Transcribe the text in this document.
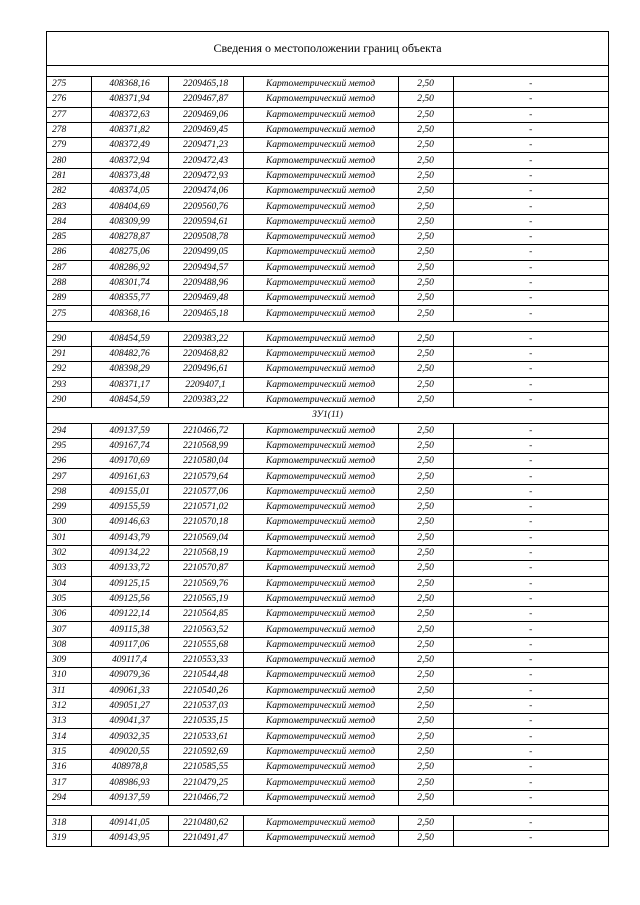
Сведения о местоположении границ объекта
275	408368,16	2209465,18	Картометрический метод	2,50	-
276	408371,94	2209467,87	Картометрический метод	2,50	-
277	408372,63	2209469,06	Картометрический метод	2,50	-
278	408371,82	2209469,45	Картометрический метод	2,50	-
279	408372,49	2209471,23	Картометрический метод	2,50	-
280	408372,94	2209472,43	Картометрический метод	2,50	-
281	408373,48	2209472,93	Картометрический метод	2,50	-
282	408374,05	2209474,06	Картометрический метод	2,50	-
283	408404,69	2209560,76	Картометрический метод	2,50	-
284	408309,99	2209594,61	Картометрический метод	2,50	-
285	408278,87	2209508,78	Картометрический метод	2,50	-
286	408275,06	2209499,05	Картометрический метод	2,50	-
287	408286,92	2209494,57	Картометрический метод	2,50	-
288	408301,74	2209488,96	Картометрический метод	2,50	-
289	408355,77	2209469,48	Картометрический метод	2,50	-
275	408368,16	2209465,18	Картометрический метод	2,50	-

290	408454,59	2209383,22	Картометрический метод	2,50	-
291	408482,76	2209468,82	Картометрический метод	2,50	-
292	408398,29	2209496,61	Картометрический метод	2,50	-
293	408371,17	2209407,1	Картометрический метод	2,50	-
290	408454,59	2209383,22	Картометрический метод	2,50	-
ЗУ1(11)					
294	409137,59	2210466,72	Картометрический метод	2,50	-
295	409167,74	2210568,99	Картометрический метод	2,50	-
296	409170,69	2210580,04	Картометрический метод	2,50	-
297	409161,63	2210579,64	Картометрический метод	2,50	-
298	409155,01	2210577,06	Картометрический метод	2,50	-
299	409155,59	2210571,02	Картометрический метод	2,50	-
300	409146,63	2210570,18	Картометрический метод	2,50	-
301	409143,79	2210569,04	Картометрический метод	2,50	-
302	409134,22	2210568,19	Картометрический метод	2,50	-
303	409133,72	2210570,87	Картометрический метод	2,50	-
304	409125,15	2210569,76	Картометрический метод	2,50	-
305	409125,56	2210565,19	Картометрический метод	2,50	-
306	409122,14	2210564,85	Картометрический метод	2,50	-
307	409115,38	2210563,52	Картометрический метод	2,50	-
308	409117,06	2210555,68	Картометрический метод	2,50	-
309	409117,4	2210553,33	Картометрический метод	2,50	-
310	409079,36	2210544,48	Картометрический метод	2,50	-
311	409061,33	2210540,26	Картометрический метод	2,50	-
312	409051,27	2210537,03	Картометрический метод	2,50	-
313	409041,37	2210535,15	Картометрический метод	2,50	-
314	409032,35	2210533,61	Картометрический метод	2,50	-
315	409020,55	2210592,69	Картометрический метод	2,50	-
316	408978,8	2210585,55	Картометрический метод	2,50	-
317	408986,93	2210479,25	Картометрический метод	2,50	-
294	409137,59	2210466,72	Картометрический метод	2,50	-

318	409141,05	2210480,62	Картометрический метод	2,50	-
319	409143,95	2210491,47	Картометрический метод	2,50	-
